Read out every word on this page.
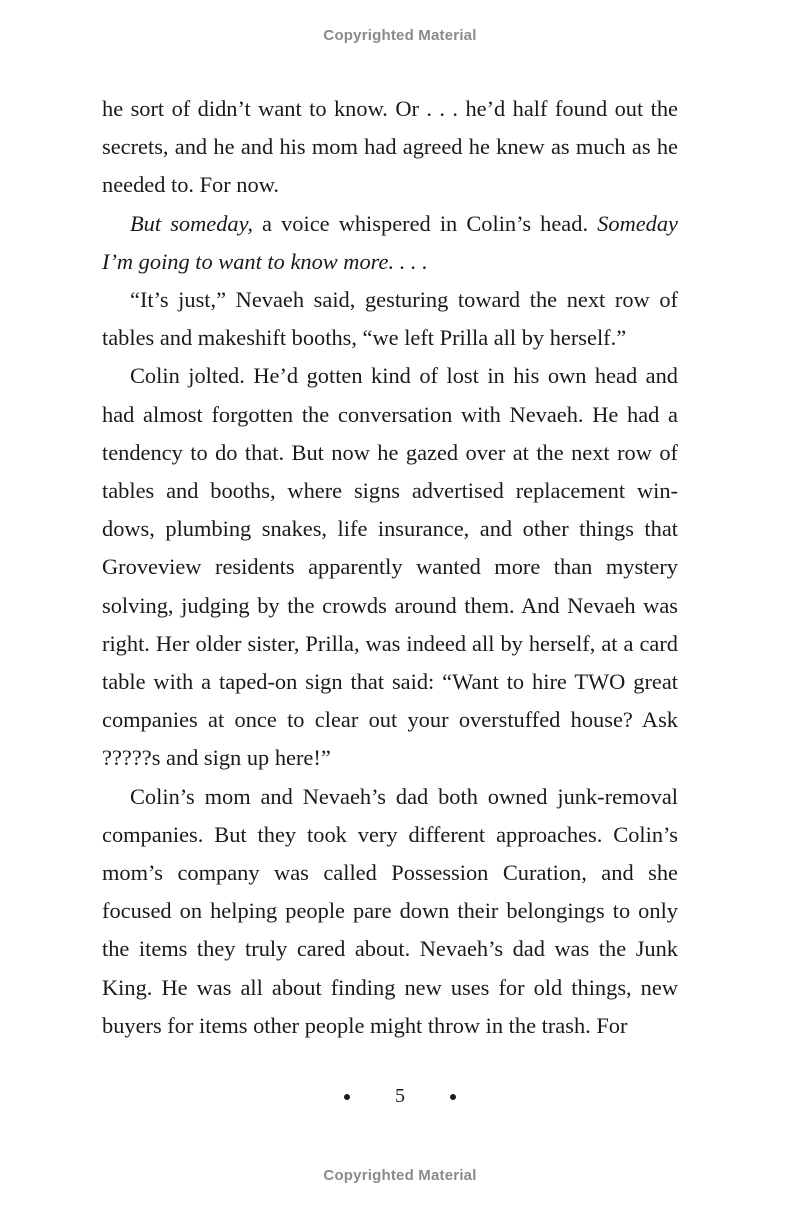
Copyrighted Material

he sort of didn’t want to know. Or . . . he’d half found out the secrets, and he and his mom had agreed he knew as much as he needed to. For now.

But someday, a voice whispered in Colin’s head. Someday I’m going to want to know more. . . .

“It’s just,” Nevaeh said, gesturing toward the next row of tables and makeshift booths, “we left Prilla all by herself.”

Colin jolted. He’d gotten kind of lost in his own head and had almost forgotten the conversation with Nevaeh. He had a tendency to do that. But now he gazed over at the next row of tables and booths, where signs advertised replacement windows, plumbing snakes, life insurance, and other things that Groveview residents apparently wanted more than mystery solving, judging by the crowds around them. And Nevaeh was right. Her older sister, Prilla, was indeed all by herself, at a card table with a taped-on sign that said: “Want to hire TWO great companies at once to clear out your overstuffed house? Ask ?????s and sign up here!”

Colin’s mom and Nevaeh’s dad both owned junk-removal companies. But they took very different approaches. Colin’s mom’s company was called Possession Curation, and she focused on helping people pare down their belongings to only the items they truly cared about. Nevaeh’s dad was the Junk King. He was all about finding new uses for old things, new buyers for items other people might throw in the trash. For

5
Copyrighted Material
